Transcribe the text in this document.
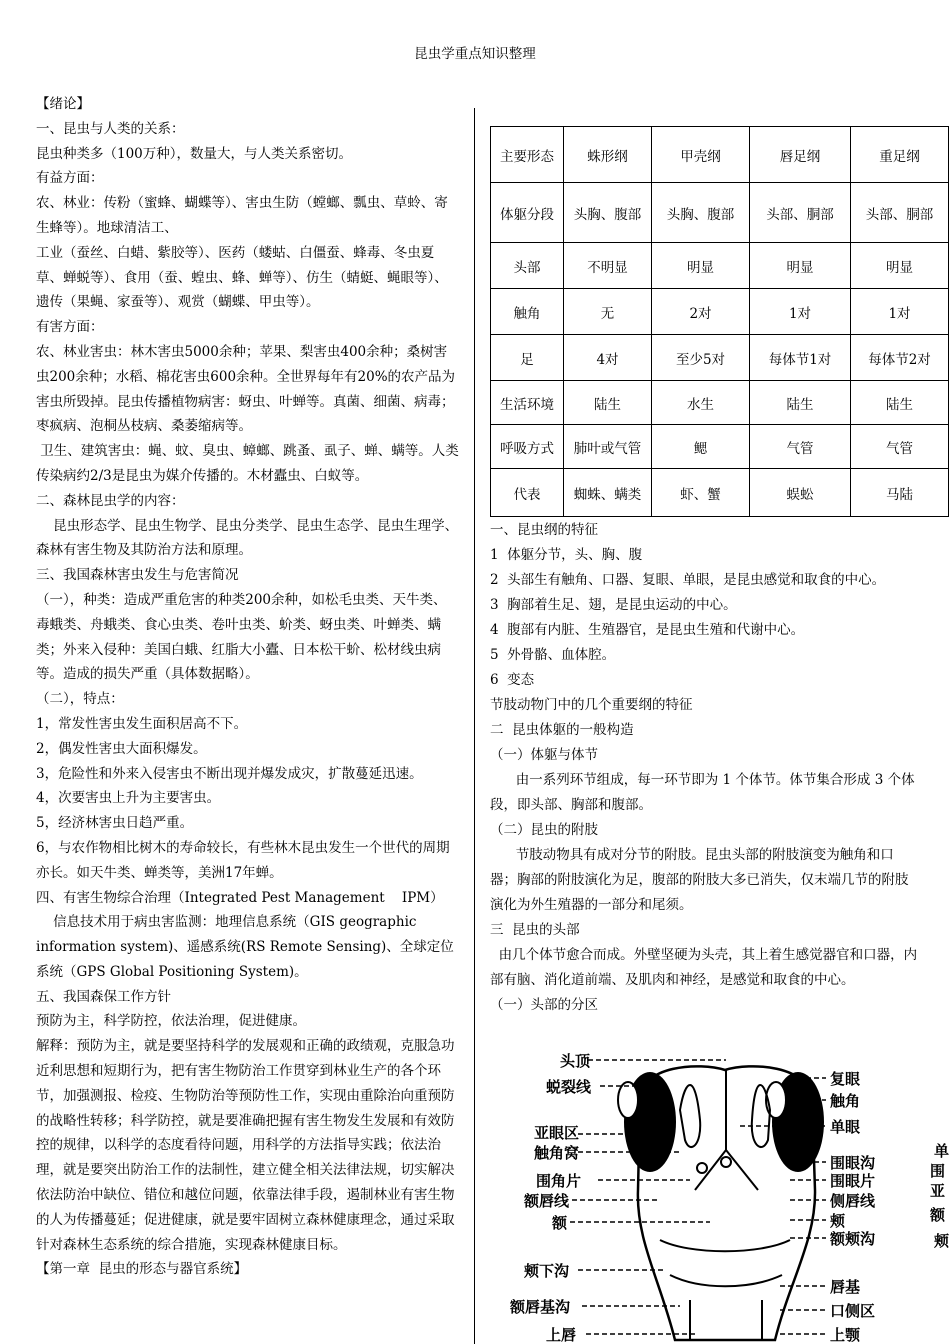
昆虫学重点知识整理

【绪论】

一、昆虫与人类的关系：

昆虫种类多（100万种），数量大，与人类关系密切。

有益方面：

农、林业：传粉（蜜蜂、蝴蝶等）、害虫生防（螳螂、瓢虫、草蛉、寄生蜂等）。地球清洁工、

工业（蚕丝、白蜡、紫胶等）、医药（蝼蛄、白僵蚕、蜂毒、冬虫夏草、蝉蜕等）、食用（蚕、蝗虫、蜂、蝉等）、仿生（蜻蜓、蝇眼等）、遗传（果蝇、家蚕等）、观赏（蝴蝶、甲虫等）。

有害方面：

农、林业害虫：林木害虫5000余种；苹果、梨害虫400余种；桑树害虫200余种；水稻、棉花害虫600余种。全世界每年有20%的农产品为害虫所毁掉。昆虫传播植物病害：蚜虫、叶蝉等。真菌、细菌、病毒；枣疯病、泡桐丛枝病、桑萎缩病等。

卫生、建筑害虫：蝇、蚊、臭虫、蟑螂、跳蚤、虱子、蝉、螨等。人类传染病约2/3是昆虫为媒介传播的。木材蠹虫、白蚁等。

二、森林昆虫学的内容：

昆虫形态学、昆虫生物学、昆虫分类学、昆虫生态学、昆虫生理学、森林有害生物及其防治方法和原理。

三、我国森林害虫发生与危害简况

（一），种类：造成严重危害的种类200余种，如松毛虫类、天牛类、毒蛾类、舟蛾类、食心虫类、卷叶虫类、蚧类、蚜虫类、叶蝉类、螨类；外来入侵种：美国白蛾、红脂大小蠹、日本松干蚧、松材线虫病等。造成的损失严重（具体数据略）。

（二），特点：

1，常发性害虫发生面积居高不下。

2，偶发性害虫大面积爆发。

3，危险性和外来入侵害虫不断出现并爆发成灾，扩散蔓延迅速。

4，次要害虫上升为主要害虫。

5，经济林害虫日趋严重。

6，与农作物相比树木的寿命较长，有些林木昆虫发生一个世代的周期亦长。如天牛类、蝉类等，美洲17年蝉。

四、有害生物综合治理（Integrated Pest Management    IPM）

信息技术用于病虫害监测：地理信息系统（GIS geographic information system)、遥感系统(RS Remote Sensing)、全球定位系统（GPS Global Positioning System)。

五、我国森保工作方针

预防为主，科学防控，依法治理，促进健康。

解释：预防为主，就是要坚持科学的发展观和正确的政绩观，克服急功近利思想和短期行为，把有害生物防治工作贯穿到林业生产的各个环节，加强测报、检疫、生物防治等预防性工作，实现由重除治向重预防的战略性转移；科学防控，就是要准确把握有害生物发生发展和有效防控的规律，以科学的态度看待问题，用科学的方法指导实践；依法治理，就是要突出防治工作的法制性，建立健全相关法律法规，切实解决依法防治中缺位、错位和越位问题，依靠法律手段，遏制林业有害生物的人为传播蔓延；促进健康，就是要牢固树立森林健康理念，通过采取针对森林生态系统的综合措施，实现森林健康目标。

【第一章  昆虫的形态与器官系统】

主要形态	蛛形纲	甲壳纲	唇足纲	重足纲
体躯分段	头胸、腹部	头胸、腹部	头部、胴部	头部、胴部
头部	不明显	明显	明显	明显
触角	无	2对	1对	1对
足	4对	至少5对	每体节1对	每体节2对
生活环境	陆生	水生	陆生	陆生
呼吸方式	肺叶或气管	鳃	气管	气管
代表	蜘蛛、螨类	虾、蟹	蜈蚣	马陆

一、昆虫纲的特征

1  体躯分节，头、胸、腹

2  头部生有触角、口器、复眼、单眼，是昆虫感觉和取食的中心。

3  胸部着生足、翅，是昆虫运动的中心。

4  腹部有内脏、生殖器官，是昆虫生殖和代谢中心。

5  外骨骼、血体腔。

6  变态

节肢动物门中的几个重要纲的特征

二  昆虫体躯的一般构造

（一）体躯与体节

由一系列环节组成，每一环节即为 1 个体节。体节集合形成 3 个体段，即头部、胸部和腹部。

（二）昆虫的附肢

节肢动物具有成对分节的附肢。昆虫头部的附肢演变为触角和口器；胸部的附肢演化为足，腹部的附肢大多已消失，仅末端几节的附肢演化为外生殖器的一部分和尾须。

三  昆虫的头部

由几个体节愈合而成。外壁坚硬为头壳，其上着生感觉器官和口器，内部有脑、消化道前端、及肌肉和神经，是感觉和取食的中心。

（一）头部的分区

头顶
蜕裂线
亚眼区
触角窝
围角片
额唇线
额
颊下沟
额唇基沟
上唇
复眼
触角
单眼
围眼沟
围眼片
侧唇线
颊
额颊沟
唇基
口侧区
上颚
单
围
亚
额
颊
